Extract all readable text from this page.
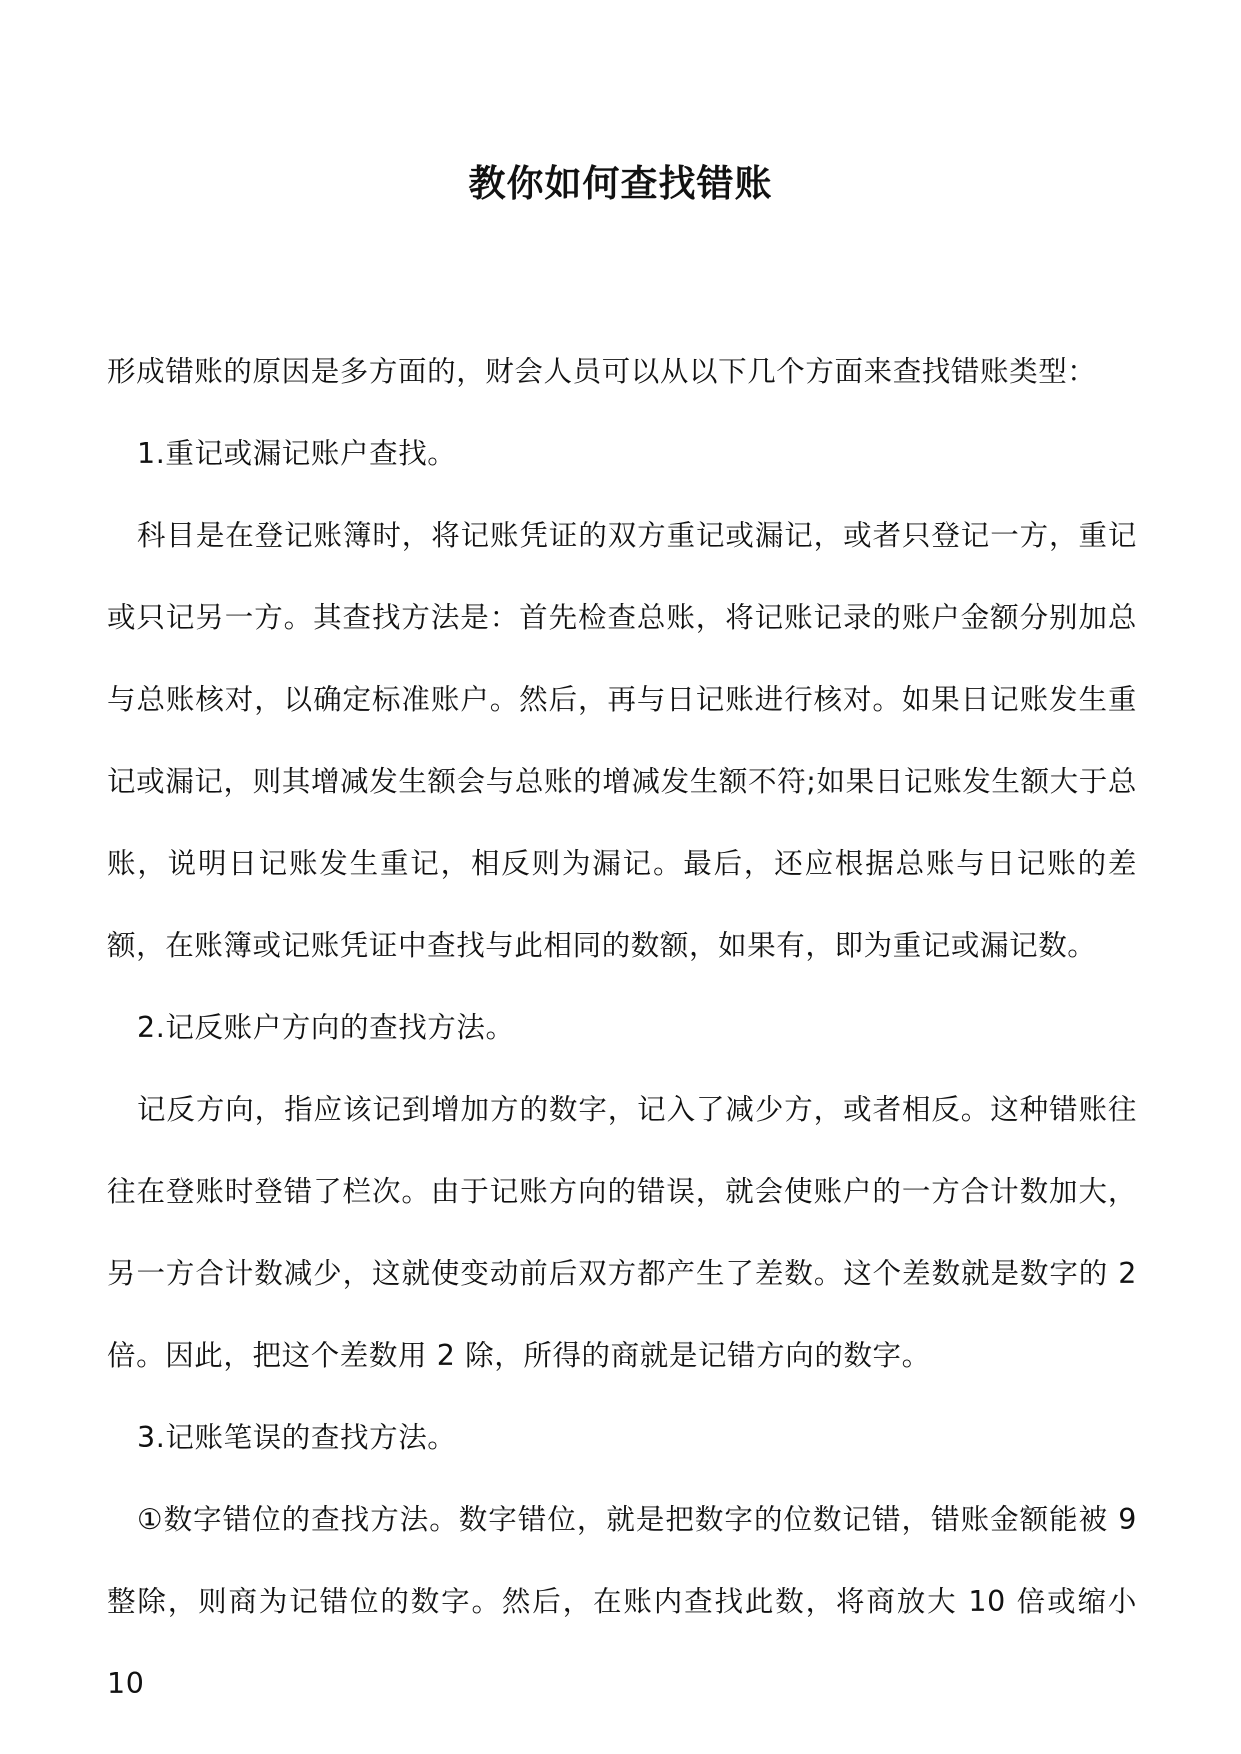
教你如何查找错账

形成错账的原因是多方面的，财会人员可以从以下几个方面来查找错账类型：

1.重记或漏记账户查找。

科目是在登记账簿时，将记账凭证的双方重记或漏记，或者只登记一方，重记或只记另一方。其查找方法是：首先检查总账，将记账记录的账户金额分别加总与总账核对，以确定标准账户。然后，再与日记账进行核对。如果日记账发生重记或漏记，则其增减发生额会与总账的增减发生额不符;如果日记账发生额大于总账，说明日记账发生重记，相反则为漏记。最后，还应根据总账与日记账的差额，在账簿或记账凭证中查找与此相同的数额，如果有，即为重记或漏记数。

2.记反账户方向的查找方法。

记反方向，指应该记到增加方的数字，记入了减少方，或者相反。这种错账往往在登账时登错了栏次。由于记账方向的错误，就会使账户的一方合计数加大，另一方合计数减少，这就使变动前后双方都产生了差数。这个差数就是数字的 2 倍。因此，把这个差数用 2 除，所得的商就是记错方向的数字。

3.记账笔误的查找方法。

①数字错位的查找方法。数字错位，就是把数字的位数记错，错账金额能被 9 整除，则商为记错位的数字。然后，在账内查找此数，将商放大 10 倍或缩小 10
